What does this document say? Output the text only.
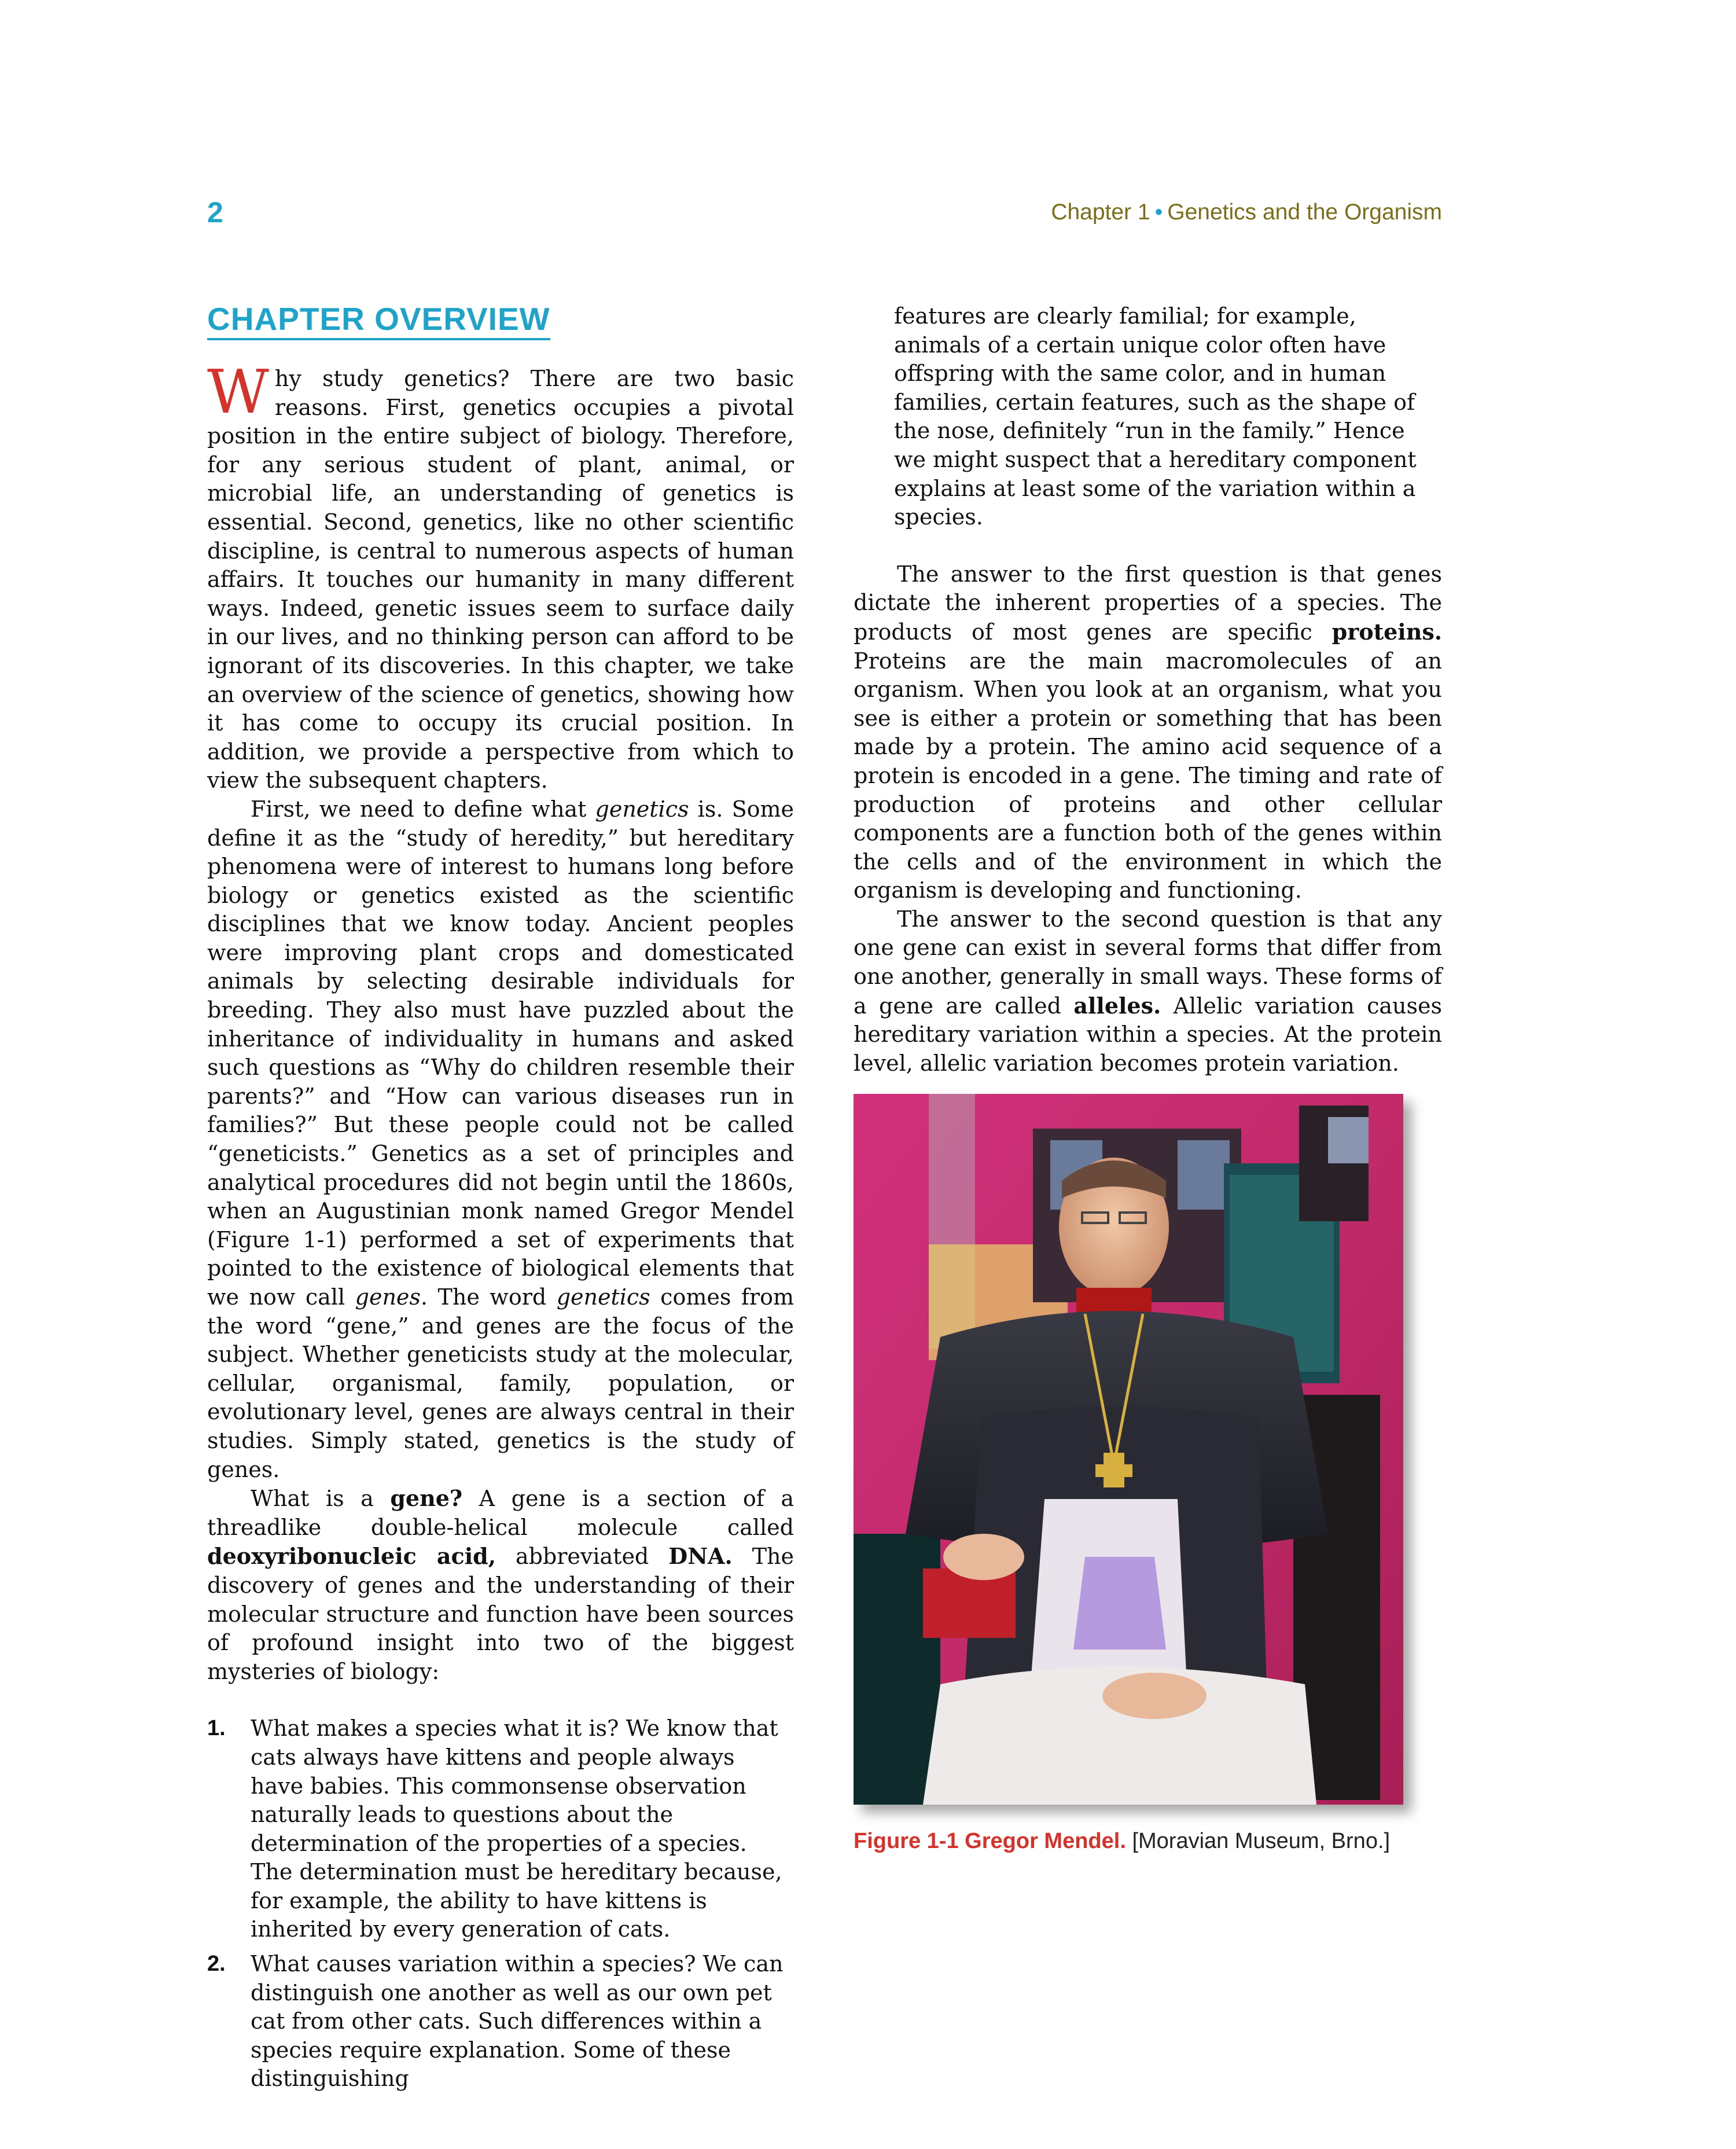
2	Chapter 1 • Genetics and the Organism
CHAPTER OVERVIEW

Why study genetics? There are two basic reasons. First, genetics occupies a pivotal position in the entire subject of biology. Therefore, for any serious student of plant, animal, or microbial life, an understanding of genetics is essential. Second, genetics, like no other scientific discipline, is central to numerous aspects of human affairs. It touches our humanity in many different ways. Indeed, genetic issues seem to surface daily in our lives, and no thinking person can afford to be ignorant of its discoveries. In this chapter, we take an overview of the science of genetics, showing how it has come to occupy its crucial position. In addition, we provide a perspective from which to view the subsequent chapters.

First, we need to define what genetics is. Some define it as the “study of heredity,” but hereditary phenomena were of interest to humans long before biology or genetics existed as the scientific disciplines that we know today. Ancient peoples were improving plant crops and domesticated animals by selecting desirable individuals for breeding. They also must have puzzled about the inheritance of individuality in humans and asked such questions as “Why do children resemble their parents?” and “How can various diseases run in families?” But these people could not be called “geneticists.” Genetics as a set of principles and analytical procedures did not begin until the 1860s, when an Augustinian monk named Gregor Mendel (Figure 1-1) performed a set of experiments that pointed to the existence of biological elements that we now call genes. The word genetics comes from the word “gene,” and genes are the focus of the subject. Whether geneticists study at the molecular, cellular, organismal, family, population, or evolutionary level, genes are always central in their studies. Simply stated, genetics is the study of genes.

What is a gene? A gene is a section of a threadlike double-helical molecule called deoxyribonucleic acid, abbreviated DNA. The discovery of genes and the understanding of their molecular structure and function have been sources of profound insight into two of the biggest mysteries of biology:

1. What makes a species what it is? We know that cats always have kittens and people always have babies. This commonsense observation naturally leads to questions about the determination of the properties of a species. The determination must be hereditary because, for example, the ability to have kittens is inherited by every generation of cats.
2. What causes variation within a species? We can distinguish one another as well as our own pet cat from other cats. Such differences within a species require explanation. Some of these distinguishing

features are clearly familial; for example, animals of a certain unique color often have offspring with the same color, and in human families, certain features, such as the shape of the nose, definitely “run in the family.” Hence we might suspect that a hereditary component explains at least some of the variation within a species.

The answer to the first question is that genes dictate the inherent properties of a species. The products of most genes are specific proteins. Proteins are the main macromolecules of an organism. When you look at an organism, what you see is either a protein or something that has been made by a protein. The amino acid sequence of a protein is encoded in a gene. The timing and rate of production of proteins and other cellular components are a function both of the genes within the cells and of the environment in which the organism is developing and functioning.

The answer to the second question is that any one gene can exist in several forms that differ from one another, generally in small ways. These forms of a gene are called alleles. Allelic variation causes hereditary variation within a species. At the protein level, allelic variation becomes protein variation.

Figure 1-1 Gregor Mendel. [Moravian Museum, Brno.]
